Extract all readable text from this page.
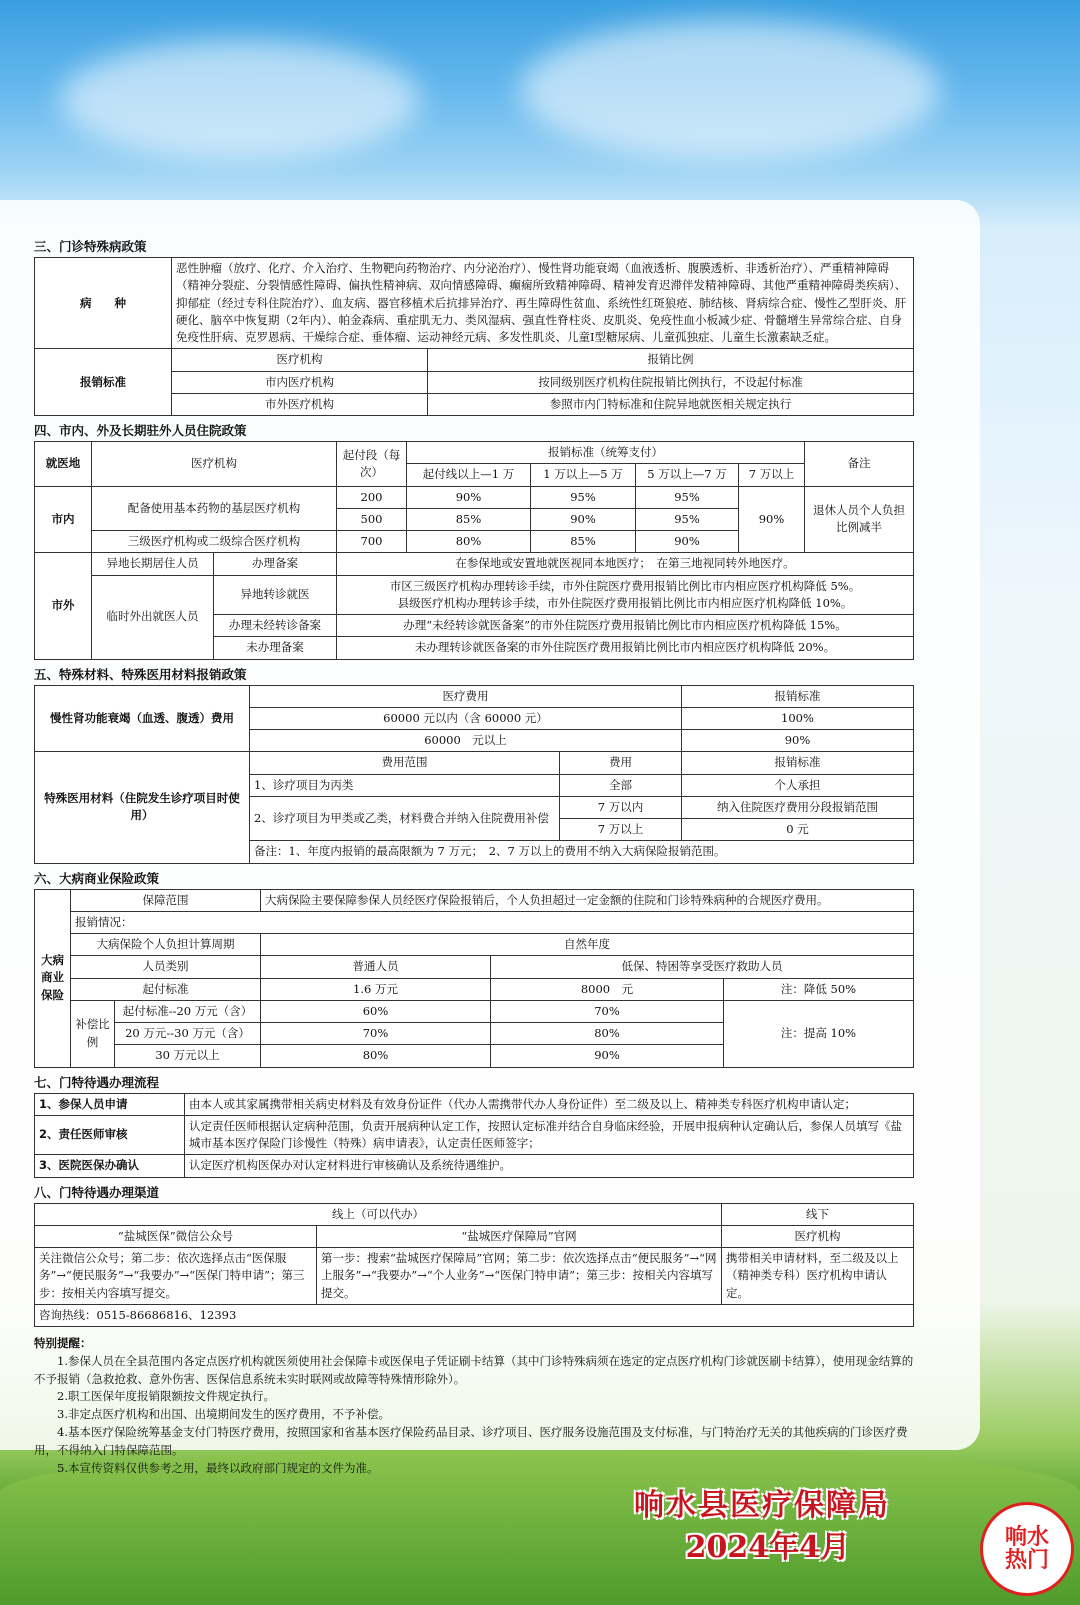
三、门诊特殊病政策
病　　种	恶性肿瘤（放疗、化疗、介入治疗、生物靶向药物治疗、内分泌治疗）、慢性肾功能衰竭（血液透析、腹膜透析、非透析治疗）、严重精神障碍（精神分裂症、分裂情感性障碍、偏执性精神病、双向情感障碍、癫痫所致精神障碍、精神发育迟滞伴发精神障碍、其他严重精神障碍类疾病）、抑郁症（经过专科住院治疗）、血友病、器官移植术后抗排异治疗、再生障碍性贫血、系统性红斑狼疮、肺结核、肾病综合症、慢性乙型肝炎、肝硬化、脑卒中恢复期（2年内）、帕金森病、重症肌无力、类风湿病、强直性脊柱炎、皮肌炎、免疫性血小板减少症、骨髓增生异常综合症、自身免疫性肝病、克罗恩病、干燥综合症、垂体瘤、运动神经元病、多发性肌炎、儿童I型糖尿病、儿童孤独症、儿童生长激素缺乏症。	
报销标准	医疗机构	报销比例
	市内医疗机构	按同级别医疗机构住院报销比例执行，不设起付标准
	市外医疗机构	参照市内门特标准和住院异地就医相关规定执行
四、市内、外及长期驻外人员住院政策
就医地	医疗机构		起付段（每次）	报销标准（统筹支付）				备注
				起付线以上—1 万	1 万以上—5 万	5 万以上—7 万	7 万以上	
市内	配备使用基本药物的基层医疗机构		200	90%	95%	95%	90%	退休人员个人负担比例减半
			500	85%	90%	95%		
	三级医疗机构或二级综合医疗机构		700	80%	85%	90%		
市外	异地长期居住人员	办理备案	在参保地或安置地就医视同本地医疗；　在第三地视同转外地医疗。					
	临时外出就医人员	异地转诊就医	市区三级医疗机构办理转诊手续，市外住院医疗费用报销比例比市内相应医疗机构降低 5%。
县级医疗机构办理转诊手续，市外住院医疗费用报销比例比市内相应医疗机构降低 10%。					

		办理未经转诊备案	办理“未经转诊就医备案”的市外住院医疗费用报销比例比市内相应医疗机构降低 15%。					
		未办理备案	未办理转诊就医备案的市外住院医疗费用报销比例比市内相应医疗机构降低 20%。					
五、特殊材料、特殊医用材料报销政策
慢性肾功能衰竭（血透、腹透）费用	医疗费用		报销标准
	60000 元以内（含 60000 元）		100%
	60000　元以上		90%
特殊医用材料（住院发生诊疗项目时使用）	费用范围	费用	报销标准
	1、诊疗项目为丙类	全部	个人承担
	2、诊疗项目为甲类或乙类，材料费合并纳入住院费用补偿	7 万以内	纳入住院医疗费用分段报销范围
		7 万以上	0 元
	备注：1、年度内报销的最高限额为 7 万元；　2、7 万以上的费用不纳入大病保险报销范围。		
六、大病商业保险政策
大病商业保险	保障范围		大病保险主要保障参保人员经医疗保险报销后，个人负担超过一定金额的住院和门诊特殊病种的合规医疗费用。		
	报销情况：				
	大病保险个人负担计算周期		自然年度		
	人员类别		普通人员	低保、特困等享受医疗救助人员	
	起付标准		1.6 万元	8000　元	注：降低 50%
	补偿比例	起付标准--20 万元（含）	60%	70%	注：提高 10%
		20 万元--30 万元（含）	70%	80%	
		30 万元以上	80%	90%	
七、门特待遇办理流程
1、参保人员申请	由本人或其家属携带相关病史材料及有效身份证件（代办人需携带代办人身份证件）至二级及以上、精神类专科医疗机构申请认定；
2、责任医师审核	认定责任医师根据认定病种范围，负责开展病种认定工作，按照认定标准并结合自身临床经验，开展申报病种认定确认后，参保人员填写《盐城市基本医疗保险门诊慢性（特殊）病申请表》，认定责任医师签字；
3、医院医保办确认	认定医疗机构医保办对认定材料进行审核确认及系统待遇维护。
八、门特待遇办理渠道
线上（可以代办）		线下
“盐城医保”微信公众号	“盐城医疗保障局”官网	医疗机构
关注微信公众号；第二步：依次选择点击“医保服务”→“便民服务”→“我要办”→“医保门特申请”；第三步：按相关内容填写提交。	第一步：搜索“盐城医疗保障局”官网；第二步：依次选择点击“便民服务”→“网上服务”→“我要办”→“个人业务”→“医保门特申请”；第三步：按相关内容填写提交。	携带相关申请材料，至二级及以上（精神类专科）医疗机构申请认定。
咨询热线：0515-86686816、12393		
特别提醒：

1.参保人员在全县范围内各定点医疗机构就医须使用社会保障卡或医保电子凭证刷卡结算（其中门诊特殊病须在选定的定点医疗机构门诊就医刷卡结算），使用现金结算的不予报销（急救抢救、意外伤害、医保信息系统未实时联网或故障等特殊情形除外）。

2.职工医保年度报销限额按文件规定执行。

3.非定点医疗机构和出国、出境期间发生的医疗费用，不予补偿。

4.基本医疗保险统筹基金支付门特医疗费用，按照国家和省基本医疗保险药品目录、诊疗项目、医疗服务设施范围及支付标准，与门特治疗无关的其他疾病的门诊医疗费用，不得纳入门特保障范围。

5.本宣传资料仅供参考之用，最终以政府部门规定的文件为准。

响水县医疗保障局
2024年4月	响水
热门
